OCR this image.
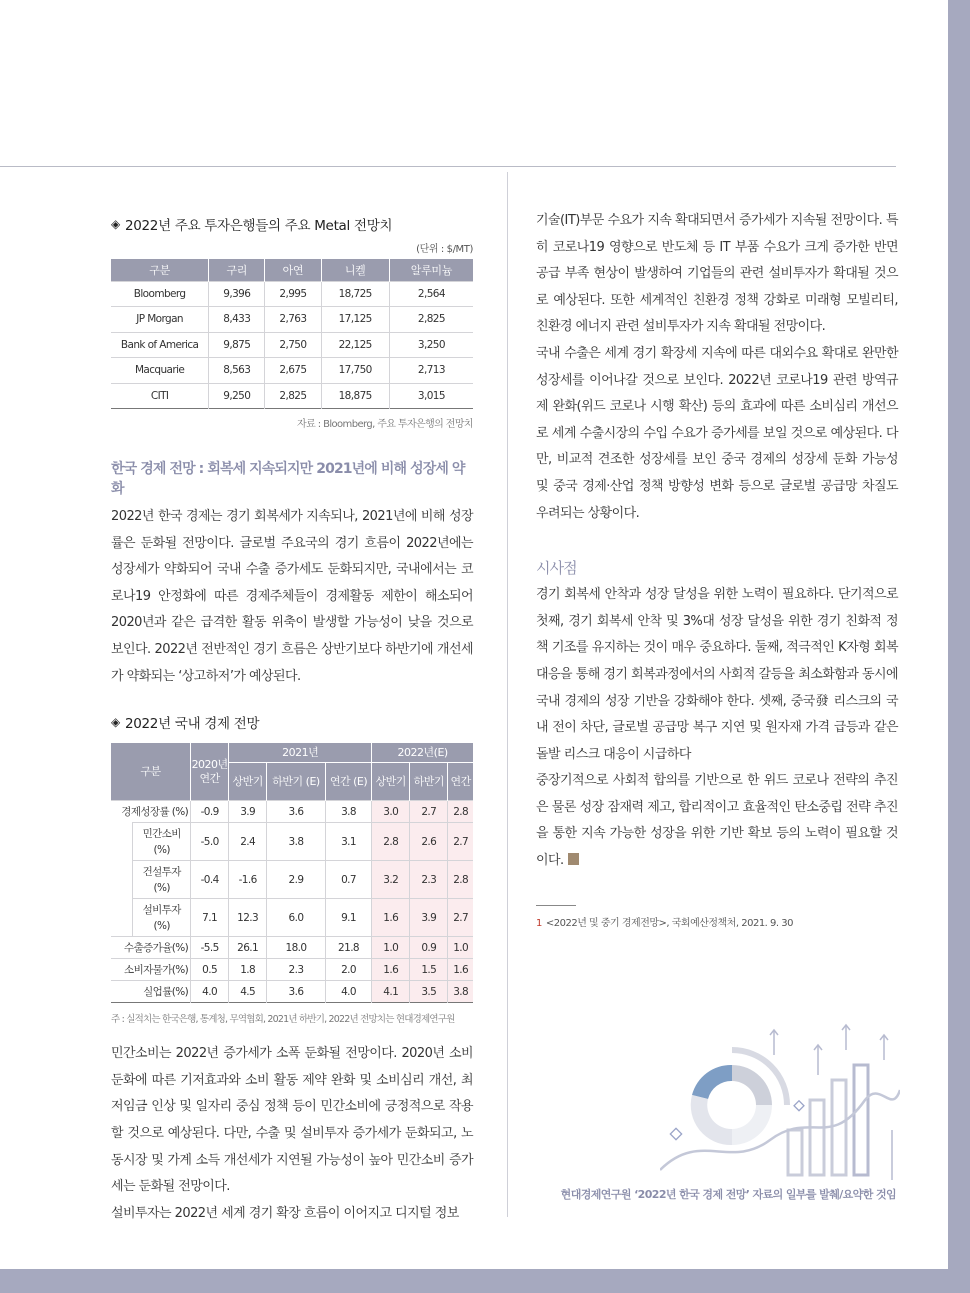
◈ 2022년 주요 투자은행들의 주요 Metal 전망치
(단위 : $/MT)
구분	구리	아연	니켈	알루미늄
Bloomberg	9,396	2,995	18,725	2,564
JP Morgan	8,433	2,763	17,125	2,825
Bank of America	9,875	2,750	22,125	3,250
Macquarie	8,563	2,675	17,750	2,713
CITI	9,250	2,825	18,875	3,015
자료 : Bloomberg, 주요 투자은행의 전망치
한국 경제 전망 : 회복세 지속되지만 2021년에 비해 성장세 약화
2022년 한국 경제는 경기 회복세가 지속되나, 2021년에 비해 성장률은 둔화될 전망이다. 글로벌 주요국의 경기 흐름이 2022년에는 성장세가 약화되어 국내 수출 증가세도 둔화되지만, 국내에서는 코로나19 안정화에 따른 경제주체들이 경제활동 제한이 해소되어 2020년과 같은 급격한 활동 위축이 발생할 가능성이 낮을 것으로 보인다. 2022년 전반적인 경기 흐름은 상반기보다 하반기에 개선세가 약화되는 ‘상고하저’가 예상된다.
◈ 2022년 국내 경제 전망
구분		2020년 연간	2021년			2022년(E)		
			상반기	하반기 (E)	연간 (E)	상반기	하반기	연간
경제성장률 (%)		-0.9	3.9	3.6	3.8	3.0	2.7	2.8
	민간소비 (%)	-5.0	2.4	3.8	3.1	2.8	2.6	2.7
	건설투자 (%)	-0.4	-1.6	2.9	0.7	3.2	2.3	2.8
	설비투자 (%)	7.1	12.3	6.0	9.1	1.6	3.9	2.7
수출증가율(%)		-5.5	26.1	18.0	21.8	1.0	0.9	1.0
소비자물가(%)		0.5	1.8	2.3	2.0	1.6	1.5	1.6
실업률(%)		4.0	4.5	3.6	4.0	4.1	3.5	3.8
주 : 실적치는 한국은행, 통계청, 무역협회, 2021년 하반기, 2022년 전망치는 현대경제연구원
민간소비는 2022년 증가세가 소폭 둔화될 전망이다. 2020년 소비 둔화에 따른 기저효과와 소비 활동 제약 완화 및 소비심리 개선, 최저임금 인상 및 일자리 중심 정책 등이 민간소비에 긍정적으로 작용할 것으로 예상된다. 다만, 수출 및 설비투자 증가세가 둔화되고, 노동시장 및 가계 소득 개선세가 지연될 가능성이 높아 민간소비 증가세는 둔화될 전망이다.
설비투자는 2022년 세계 경기 확장 흐름이 이어지고 디지털 정보
기술(IT)부문 수요가 지속 확대되면서 증가세가 지속될 전망이다. 특히 코로나19 영향으로 반도체 등 IT 부품 수요가 크게 증가한 반면 공급 부족 현상이 발생하여 기업들의 관련 설비투자가 확대될 것으로 예상된다. 또한 세계적인 친환경 정책 강화로 미래형 모빌리티, 친환경 에너지 관련 설비투자가 지속 확대될 전망이다.
국내 수출은 세계 경기 확장세 지속에 따른 대외수요 확대로 완만한 성장세를 이어나갈 것으로 보인다. 2022년 코로나19 관련 방역규제 완화(위드 코로나 시행 확산) 등의 효과에 따른 소비심리 개선으로 세계 수출시장의 수입 수요가 증가세를 보일 것으로 예상된다. 다만, 비교적 견조한 성장세를 보인 중국 경제의 성장세 둔화 가능성 및 중국 경제·산업 정책 방향성 변화 등으로 글로벌 공급망 차질도 우려되는 상황이다.
시사점
경기 회복세 안착과 성장 달성을 위한 노력이 필요하다. 단기적으로 첫째, 경기 회복세 안착 및 3%대 성장 달성을 위한 경기 친화적 정책 기조를 유지하는 것이 매우 중요하다. 둘째, 적극적인 K자형 회복 대응을 통해 경기 회복과정에서의 사회적 갈등을 최소화함과 동시에 국내 경제의 성장 기반을 강화해야 한다. 셋째, 중국發 리스크의 국내 전이 차단, 글로벌 공급망 복구 지연 및 원자재 가격 급등과 같은 돌발 리스크 대응이 시급하다
중장기적으로 사회적 합의를 기반으로 한 위드 코로나 전략의 추진은 물론 성장 잠재력 제고, 합리적이고 효율적인 탄소중립 전략 추진을 통한 지속 가능한 성장을 위한 기반 확보 등의 노력이 필요할 것이다.
1 <2022년 및 중기 경제전망>, 국회예산정책처, 2021. 9. 30
현대경제연구원 ‘2022년 한국 경제 전망’ 자료의 일부를 발췌/요약한 것임
